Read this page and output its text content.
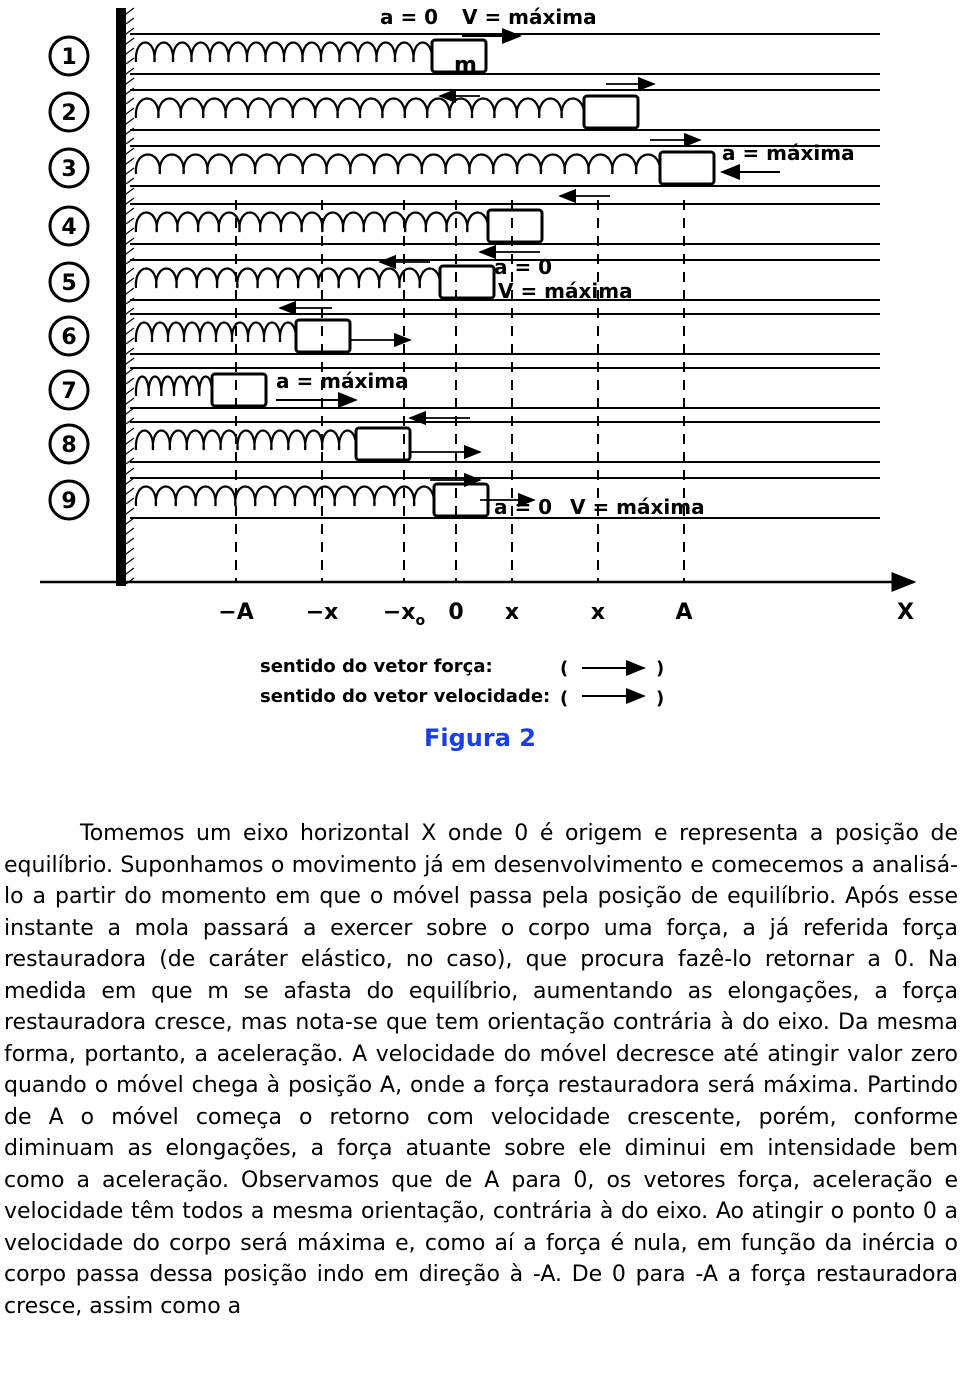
1
2
3
4
5
6
7
8
9
a = 0 V = máxima
m
a = máxima
a = 0
V = máxima
a = máxima
a = 0 V = máxima
$-A -x -x_o$ 0 x	x	A	X
sentido do vetor força:
sentido do vetor velocidade:
(	)
(	)
Figura 2

Tomemos um eixo horizontal X onde 0 é origem e representa a posição de equilíbrio. Suponhamos o movimento já em desenvolvimento e comecemos a analisá-lo a partir do momento em que o móvel passa pela posição de equilíbrio. Após esse instante a mola passará a exercer sobre o corpo uma força, a já referida força restauradora (de caráter elástico, no caso), que procura fazê-lo retornar a 0. Na medida em que m se afasta do equilíbrio, aumentando as elongações, a força restauradora cresce, mas nota-se que tem orientação contrária à do eixo. Da mesma forma, portanto, a aceleração. A velocidade do móvel decresce até atingir valor zero quando o móvel chega à posição A, onde a força restauradora será máxima. Partindo de A o móvel começa o retorno com velocidade crescente, porém, conforme diminuam as elongações, a força atuante sobre ele diminui em intensidade bem como a aceleração. Observamos que de A para 0, os vetores força, aceleração e velocidade têm todos a mesma orientação, contrária à do eixo. Ao atingir o ponto 0 a velocidade do corpo será máxima e, como aí a força é nula, em função da inércia o corpo passa dessa posição indo em direção à -A. De 0 para -A a força restauradora cresce, assim como a
